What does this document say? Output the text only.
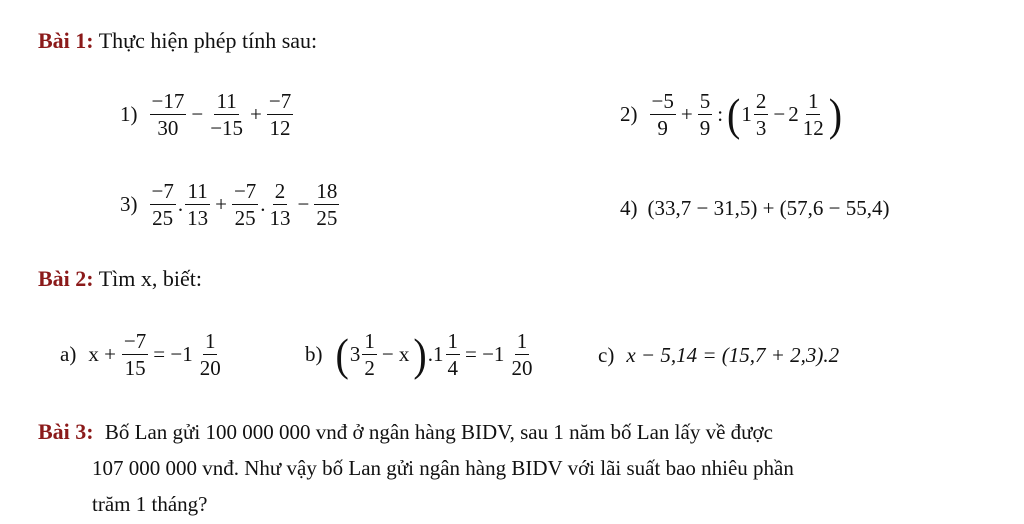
Bài 1: Thực hiện phép tính sau:
$1) \frac{-17}{30} - \frac{11}{-15} + \frac{-7}{12}$	$2) \frac{-5}{9} + \frac{5}{9}$ : ( $1 \frac{2}{3} - 2 \frac{1}{12}$ )
$3) \frac{-7}{25}$ . $\frac{11}{13} + \frac{-7}{25}$ . $\frac{2}{13} - \frac{18}{25}$	4) (33,7 − 31,5) + (57,6 − 55,4)
Bài 2: Tìm x, biết:
a) $x + \frac{-7}{15} = -1 \frac{1}{20}$	b) ( $3 \frac{1}{2} - x$ ) $.1 \frac{1}{4} = -1 \frac{1}{20}$	c) x − 5,14 = (15,7 + 2,3).2
Bài 3: Bố Lan gửi 100 000 000 vnđ ở ngân hàng BIDV, sau 1 năm bố Lan lấy về được
107 000 000 vnđ. Như vậy bố Lan gửi ngân hàng BIDV với lãi suất bao nhiêu phần
trăm 1 tháng?
